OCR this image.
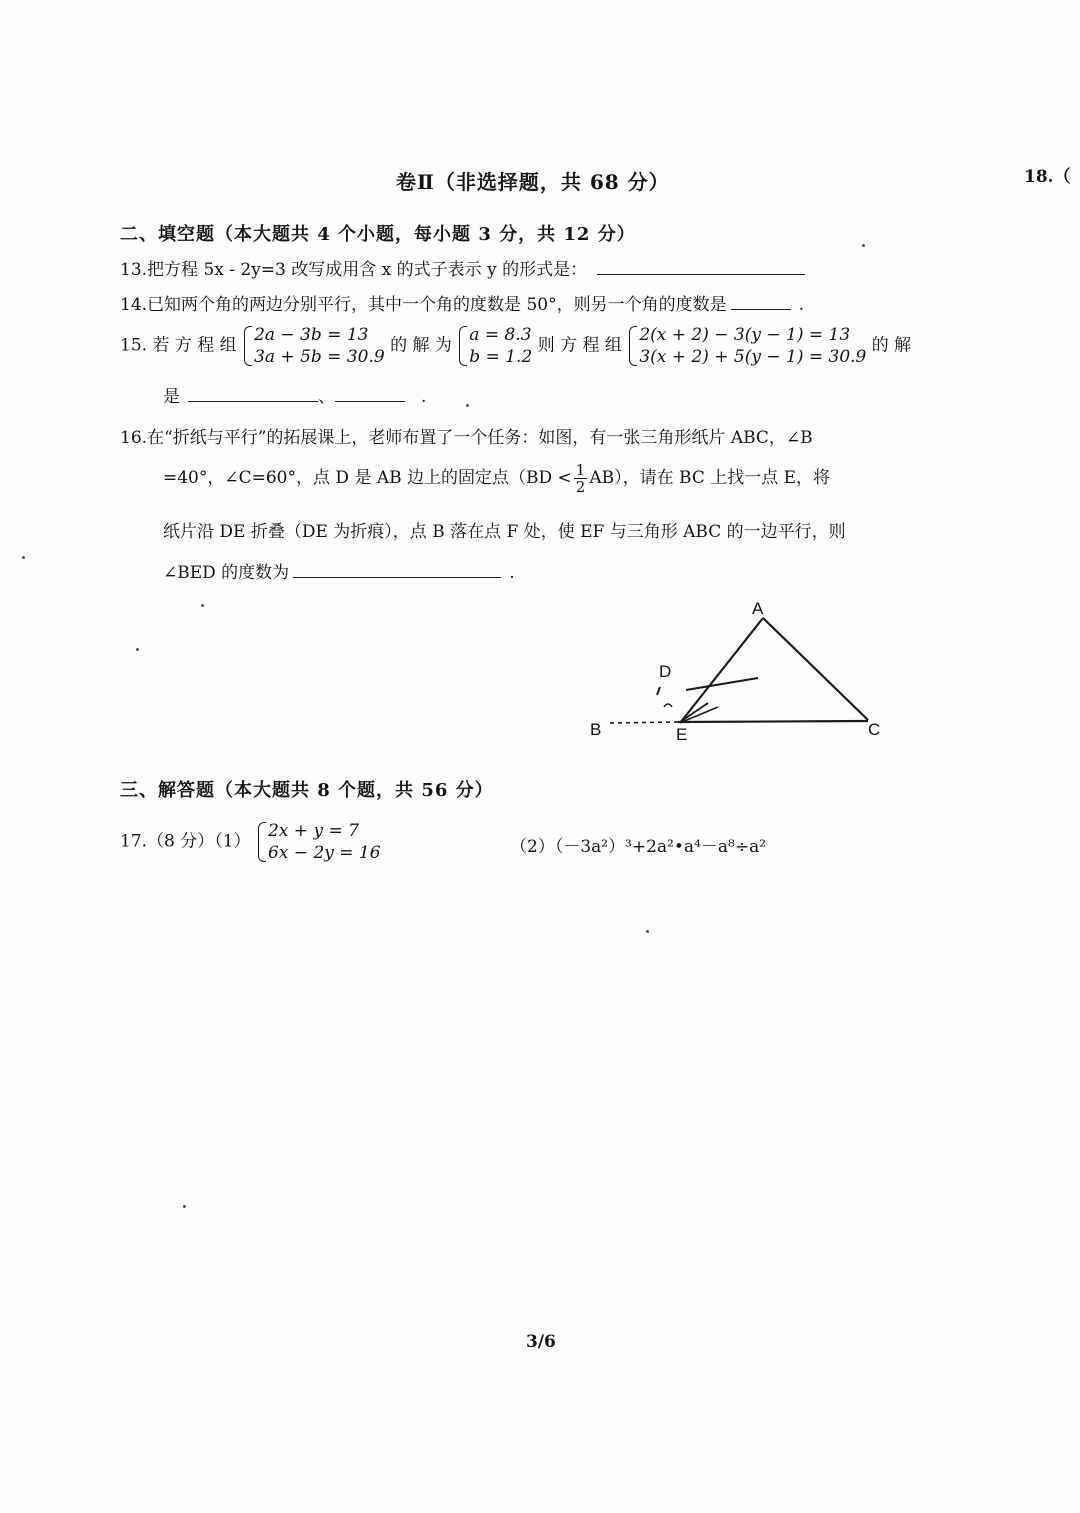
卷Ⅱ（非选择题，共 68 分）	18.（
二、填空题（本大题共 4 个小题，每小题 3 分，共 12 分）
13.把方程 5x - 2y=3 改写成用含 x 的式子表示 y 的形式是：
14.已知两个角的两边分别平行，其中一个角的度数是 50°，则另一个角的度数是	.
15. 若 方 程 组
2a − 3b = 13
3a + 5b = 30.9
的 解 为
a = 8.3
b = 1.2
则 方 程 组
2(x + 2) − 3(y − 1) = 13
3(x + 2) + 5(y − 1) = 30.9
的 解
是	、	.
16.在“折纸与平行”的拓展课上，老师布置了一个任务：如图，有一张三角形纸片 ABC，∠B
=40°，∠C=60°，点 D 是 AB 边上的固定点$(BD < \frac{1}{2} AB)$，请在 BC 上找一点 E，将
纸片沿 DE 折叠（DE 为折痕），点 B 落在点 F 处，使 EF 与三角形 ABC 的一边平行，则
∠BED 的度数为	.
A
B	C
D
E
三、解答题（本大题共 8 个题，共 56 分）
17.（8 分）（1）
2x + y = 7
6x − 2y = 16	（2）（－3a²）³+2a²•a⁴－a⁸÷a²
3/6
